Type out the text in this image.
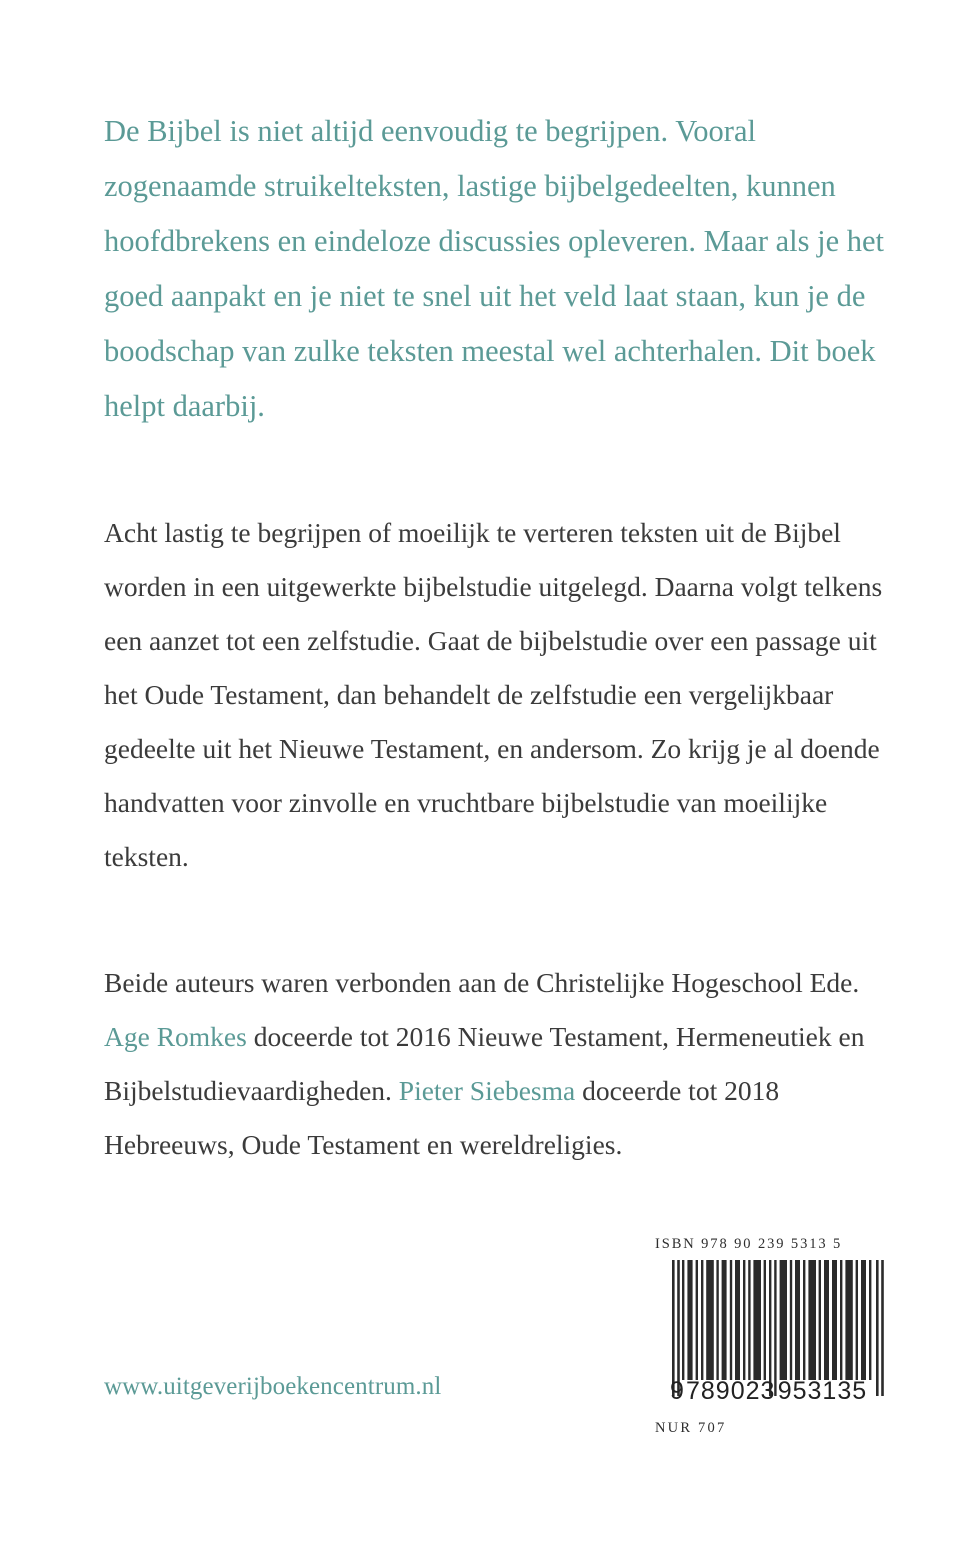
De Bijbel is niet altijd eenvoudig te begrijpen. Vooral zogenaamde struikelteksten, lastige bijbelgedeelten, kunnen hoofdbrekens en eindeloze discussies opleveren. Maar als je het goed aanpakt en je niet te snel uit het veld laat staan, kun je de boodschap van zulke teksten meestal wel achterhalen. Dit boek helpt daarbij.

Acht lastig te begrijpen of moeilijk te verteren teksten uit de Bijbel worden in een uitgewerkte bijbelstudie uitgelegd. Daarna volgt telkens een aanzet tot een zelfstudie. Gaat de bijbelstudie over een passage uit het Oude Testament, dan behandelt de zelfstudie een vergelijkbaar gedeelte uit het Nieuwe Testament, en andersom. Zo krijg je al doende handvatten voor zinvolle en vruchtbare bijbelstudie van moeilijke teksten.

Beide auteurs waren verbonden aan de Christelijke Hogeschool Ede. Age Romkes doceerde tot 2016 Nieuwe Testament, Hermeneutiek en Bijbelstudievaardigheden. Pieter Siebesma doceerde tot 2018 Hebreeuws, Oude Testament en wereldreligies.

www.uitgeverijboekencentrum.nl
ISBN 978 90 239 5313 5
9 789023 953135
NUR 707
